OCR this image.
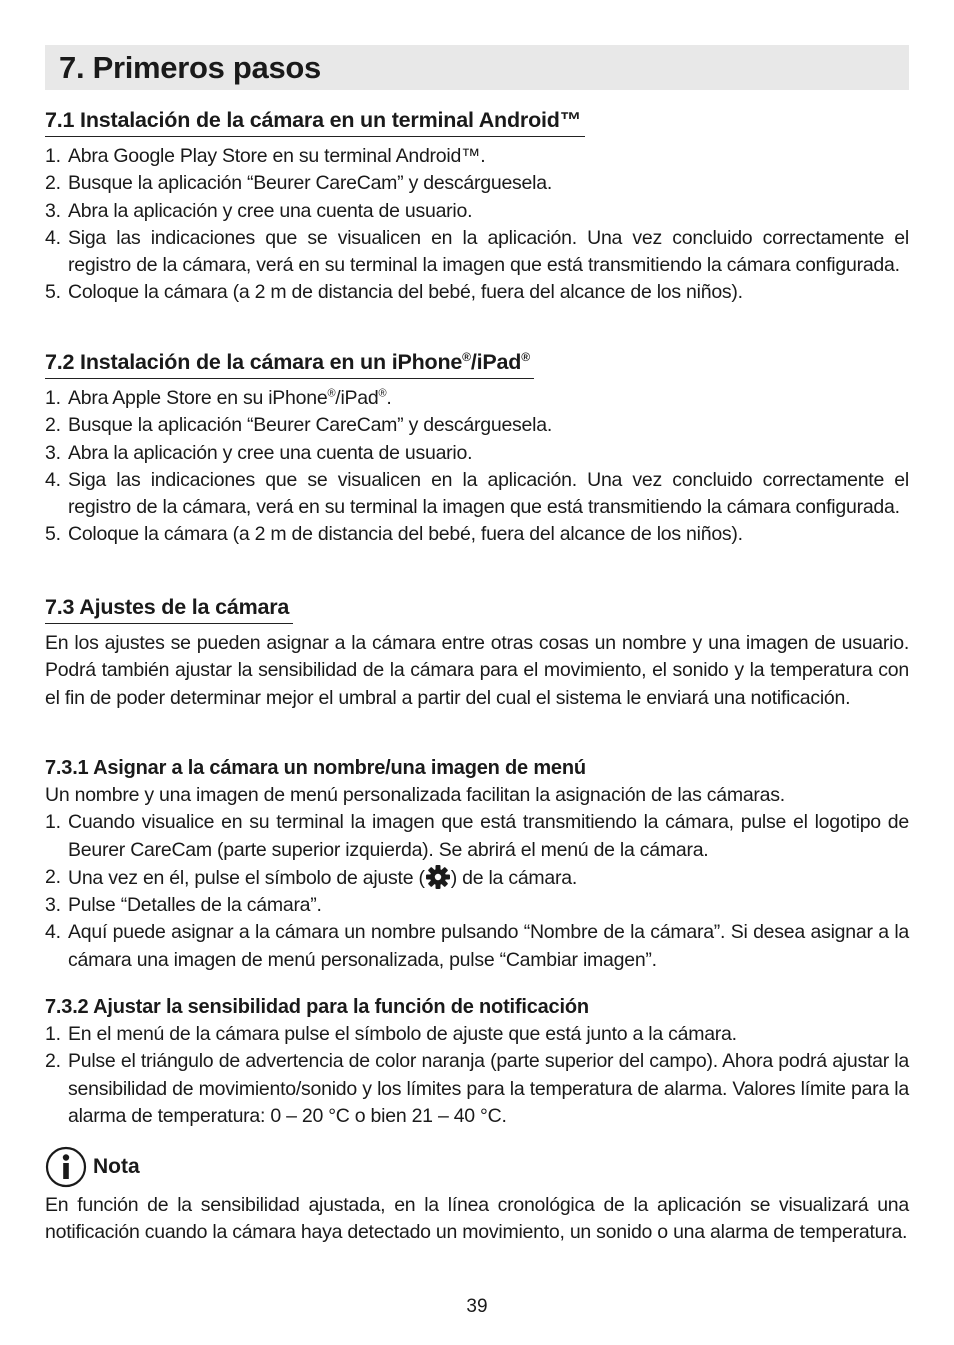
7. Primeros pasos
7.1 Instalación de la cámara en un terminal Android™
1. Abra Google Play Store en su terminal Android™.
2. Busque la aplicación “Beurer CareCam” y descárguesela.
3. Abra la aplicación y cree una cuenta de usuario.
4. Siga las indicaciones que se visualicen en la aplicación. Una vez concluido correctamente el registro de la cámara, verá en su terminal la imagen que está transmitiendo la cámara configurada.
5. Coloque la cámara (a 2 m de distancia del bebé, fuera del alcance de los niños).
7.2 Instalación de la cámara en un iPhone®/iPad®
1. Abra Apple Store en su iPhone®/iPad®.
2. Busque la aplicación “Beurer CareCam” y descárguesela.
3. Abra la aplicación y cree una cuenta de usuario.
4. Siga las indicaciones que se visualicen en la aplicación. Una vez concluido correctamente el registro de la cámara, verá en su terminal la imagen que está transmitiendo la cámara configurada.
5. Coloque la cámara (a 2 m de distancia del bebé, fuera del alcance de los niños).
7.3 Ajustes de la cámara

En los ajustes se pueden asignar a la cámara entre otras cosas un nombre y una imagen de usuario. Podrá también ajustar la sensibilidad de la cámara para el movimiento, el sonido y la temperatura con el fin de poder determinar mejor el umbral a partir del cual el sistema le enviará una notificación.

7.3.1 Asignar a la cámara un nombre/una imagen de menú

Un nombre y una imagen de menú personalizada facilitan la asignación de las cámaras.

1. Cuando visualice en su terminal la imagen que está transmitiendo la cámara, pulse el logotipo de Beurer CareCam (parte superior izquierda). Se abrirá el menú de la cámara.
2. Una vez en él, pulse el símbolo de ajuste ( ) de la cámara.
3. Pulse “Detalles de la cámara”.
4. Aquí puede asignar a la cámara un nombre pulsando “Nombre de la cámara”. Si desea asignar a la cámara una imagen de menú personalizada, pulse “Cambiar imagen”.
7.3.2 Ajustar la sensibilidad para la función de notificación
1. En el menú de la cámara pulse el símbolo de ajuste que está junto a la cámara.
2. Pulse el triángulo de advertencia de color naranja (parte superior del campo). Ahora podrá ajustar la sensibilidad de movimiento/sonido y los límites para la temperatura de alarma. Valores límite para la alarma de temperatura: 0 – 20 °C o bien 21 – 40 °C.
Nota

En función de la sensibilidad ajustada, en la línea cronológica de la aplicación se visualizará una notificación cuando la cámara haya detectado un movimiento, un sonido o una alarma de temperatura.

39
